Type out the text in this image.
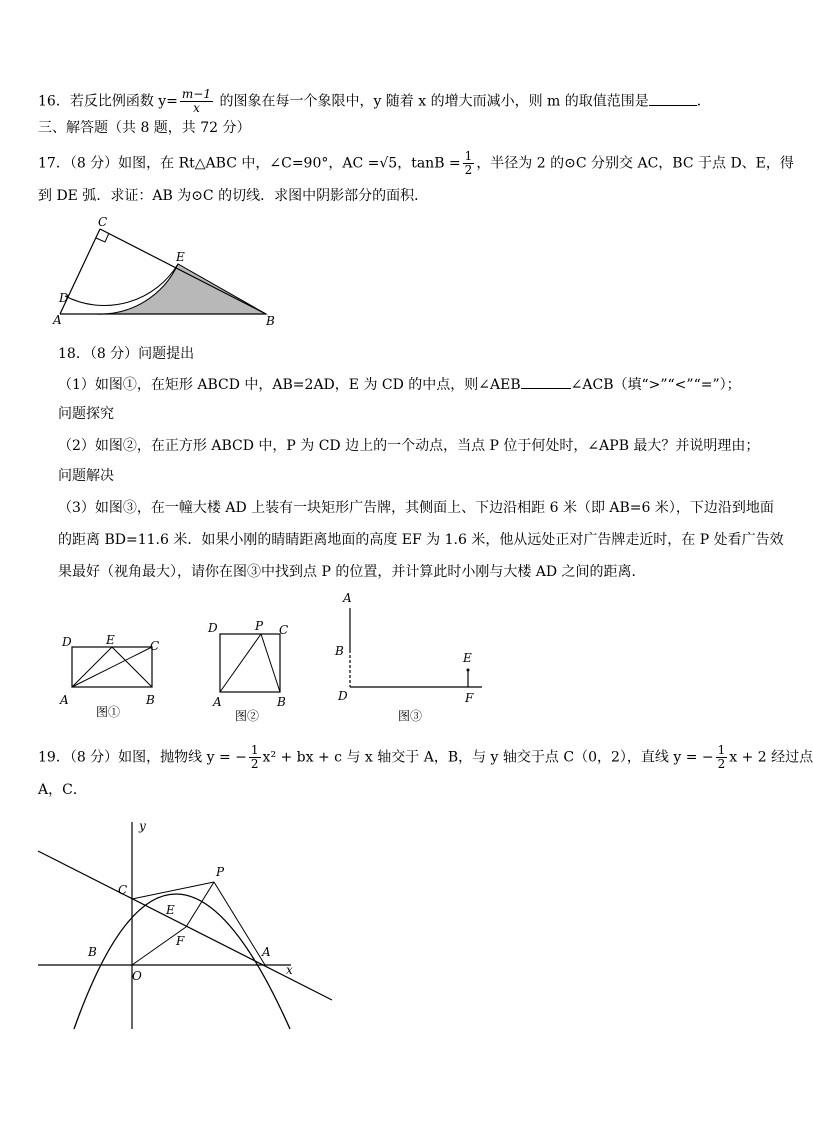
16．若反比例函数 $y= \frac{m-1}{x}$ 的图象在每一个象限中，y 随着 x 的增大而减小，则 m 的取值范围是	．
三、解答题（共 8 题，共 72 分）
17．（8 分）如图，在 Rt△ABC 中，∠C=90°，AC =√5，$\tan B = \frac{1}{2}$ ，半径为 2 的⊙C 分别交 AC，BC 于点 D、E，得
到 DE 弧．求证：AB 为⊙C 的切线．求图中阴影部分的面积．
C
E
D
A	B
18．（8 分）问题提出
（1）如图①，在矩形 ABCD 中，AB=2AD，E 为 CD 的中点，则∠AEB	∠ACB（填“>”“<”“=”）；
问题探究
（2）如图②，在正方形 ABCD 中，P 为 CD 边上的一个动点，当点 P 位于何处时，∠APB 最大？并说明理由；
问题解决
（3）如图③，在一幢大楼 AD 上装有一块矩形广告牌，其侧面上、下边沿相距 6 米（即 AB=6 米），下边沿到地面
的距离 BD=11.6 米．如果小刚的睛睛距离地面的高度 EF 为 1.6 米，他从远处正对广告牌走近时，在 P 处看广告效
果最好（视角最大），请你在图③中找到点 P 的位置，并计算此时小刚与大楼 AD 之间的距离．
D	E	C
A	B
图①
D	P C
A	B
图②
A
B
D
E
F
图③
19．（8 分）如图，抛物线 y = − $\frac{1}{2} x^2$ + bx + c 与 x 轴交于 A，B，与 y 轴交于点 C（0，2），直线 y = − $\frac{1}{2}$ x + 2 经过点
A，C．
y
x
C
P
E
F
B
O
A
